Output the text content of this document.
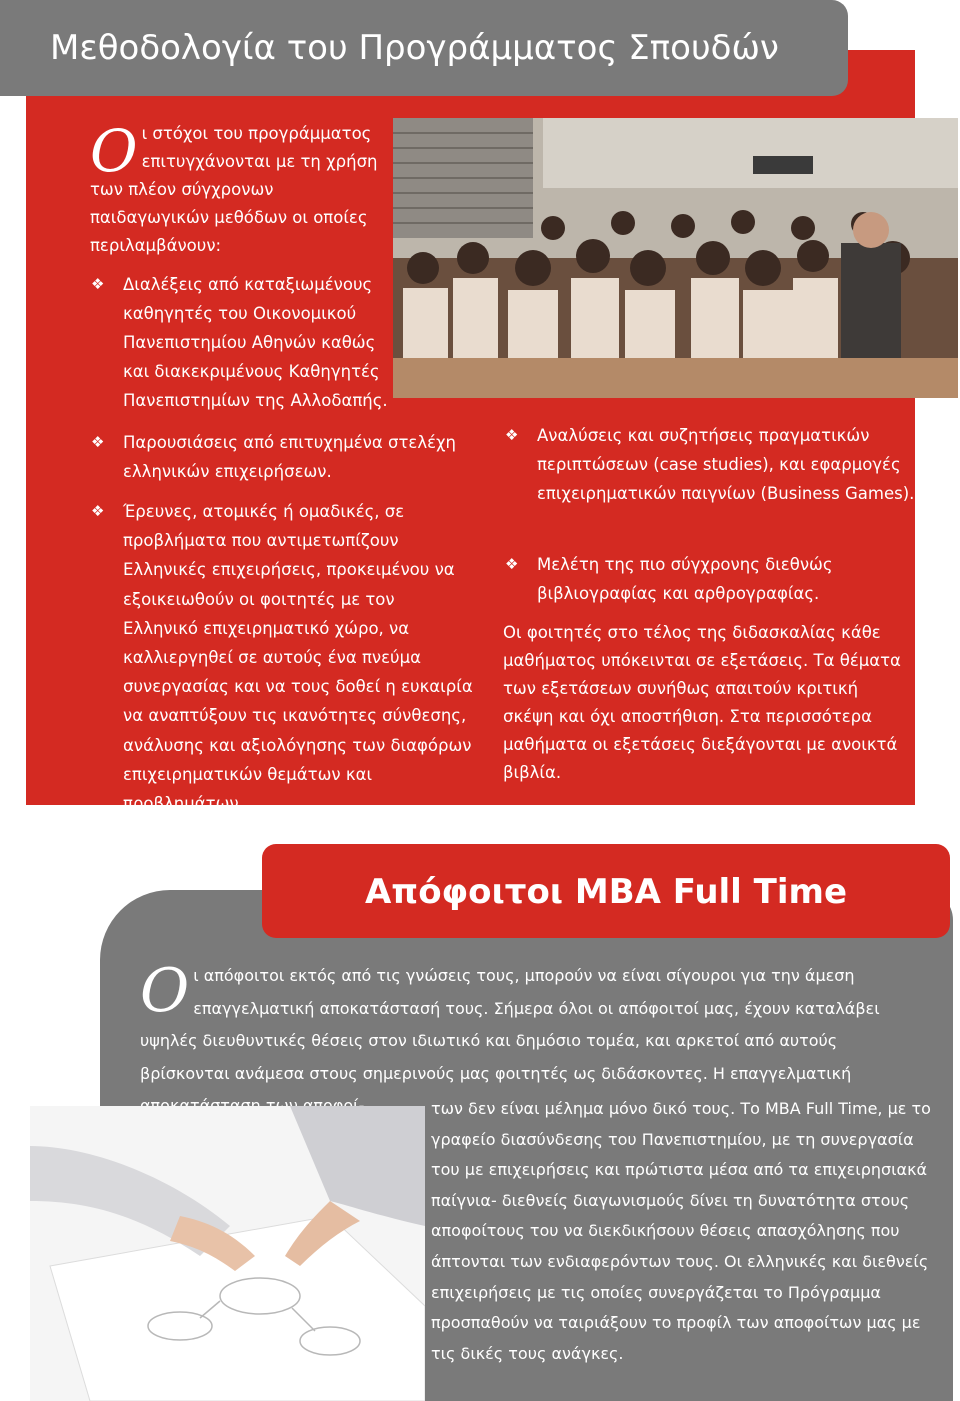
Μεθοδολογία του Προγράμματος Σπουδών
Ο ι στόχοι του προγράμματος επιτυγχάνονται με τη χρήση των πλέον σύγχρονων παιδαγωγικών μεθόδων οι οποίες περιλαμβάνουν:
❖ Διαλέξεις από καταξιωμένους καθηγητές του Οικονομικού Πανεπιστημίου Αθηνών καθώς και διακεκριμένους Καθηγητές Πανεπιστημίων της Αλλοδαπής.
❖ Παρουσιάσεις από επιτυχημένα στελέχη ελληνικών επιχειρήσεων.
❖ Έρευνες, ατομικές ή ομαδικές, σε προβλήματα που αντιμετωπίζουν Ελληνικές επιχειρήσεις, προκειμένου να εξοικειωθούν οι φοιτητές με τον Ελληνικό επιχειρηματικό χώρο, να καλλιεργηθεί σε αυτούς ένα πνεύμα συνεργασίας και να τους δοθεί η ευκαιρία να αναπτύξουν τις ικανότητες σύνθεσης, ανάλυσης και αξιολόγησης των διαφόρων επιχειρηματικών θεμάτων και προβλημάτων.
❖ Αναλύσεις και συζητήσεις πραγματικών περιπτώσεων (case studies), και εφαρμογές επιχειρηματικών παιγνίων (Business Games).
❖ Μελέτη της πιο σύγχρονης διεθνώς βιβλιογραφίας και αρθρογραφίας.
Οι φοιτητές στο τέλος της διδασκαλίας κάθε μαθήματος υπόκεινται σε εξετάσεις. Τα θέματα των εξετάσεων συνήθως απαιτούν κριτική σκέψη και όχι αποστήθιση. Στα περισσότερα μαθήματα οι εξετάσεις διεξάγονται με ανοικτά βιβλία.
Απόφοιτοι MBA Full Time
Ο ι απόφοιτοι εκτός από τις γνώσεις τους, μπορούν να είναι σίγουροι για την άμεση επαγγελματική αποκατάστασή τους. Σήμερα όλοι οι απόφοιτοί μας, έχουν καταλάβει υψηλές διευθυντικές θέσεις στον ιδιωτικό και δημόσιο τομέα, και αρκετοί από αυτούς βρίσκονται ανάμεσα στους σημερινούς μας φοιτητές ως διδάσκοντες. Η επαγγελματική
των δεν είναι μέλημα μόνο δικό τους. Το MBA Full Time, με το γραφείο διασύνδεσης του Πανεπιστημίου, με τη συνεργασία του με επιχειρήσεις και πρώτιστα μέσα από τα επιχειρησιακά παίγνια- διεθνείς διαγωνισμούς δίνει τη δυνατότητα στους αποφοίτους του να διεκδικήσουν θέσεις απασχόλησης που άπτονται των ενδιαφερόντων τους. Οι ελληνικές και διεθνείς επιχειρήσεις με τις οποίες συνεργάζεται το Πρόγραμμα προσπαθούν να ταιριάξουν το προφίλ των αποφοίτων μας με τις δικές τους ανάγκες.
